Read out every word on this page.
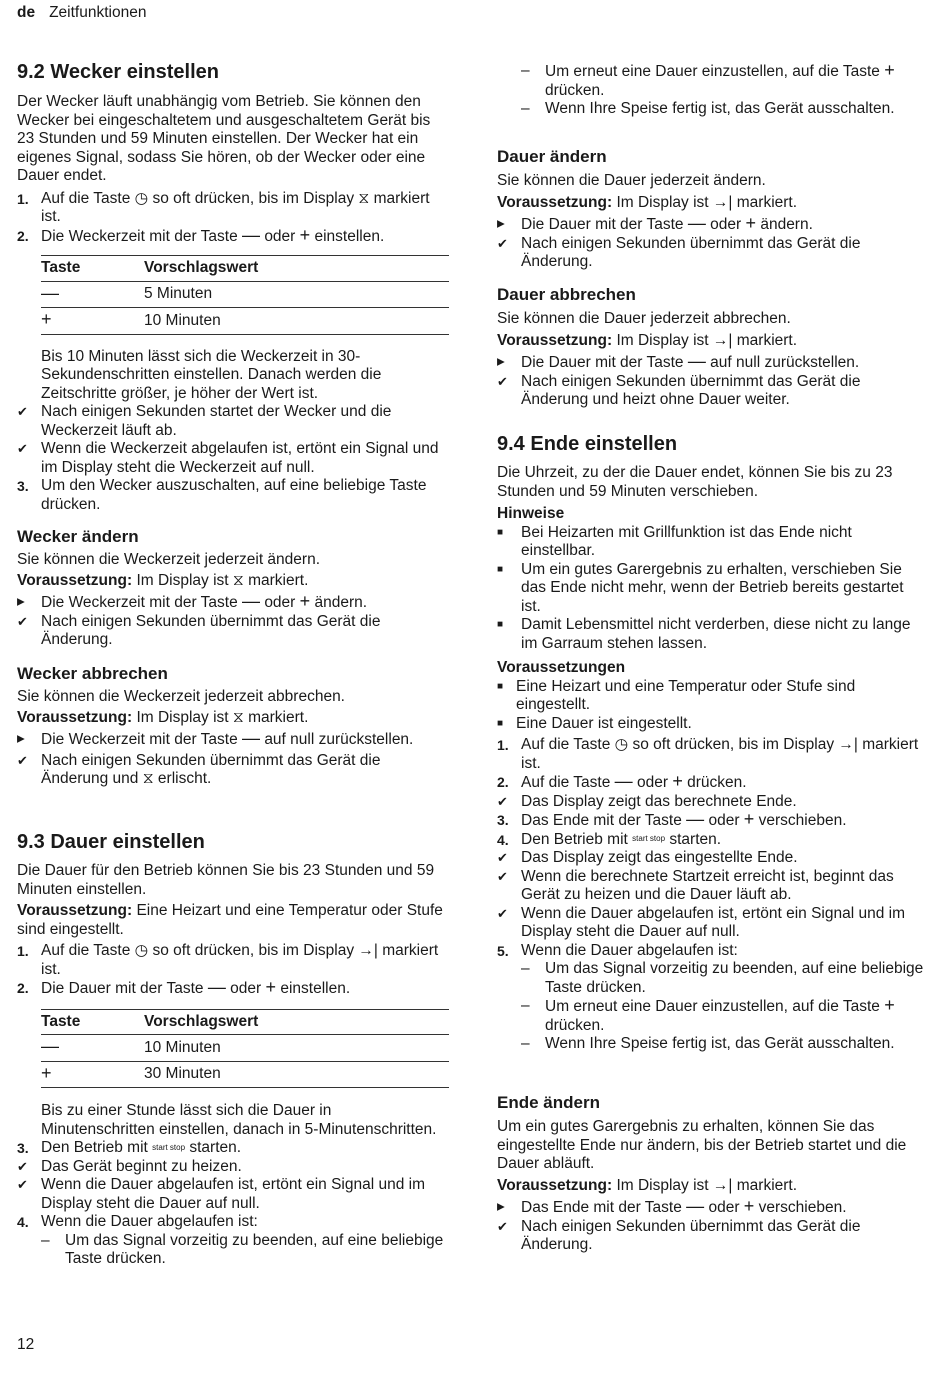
de Zeitfunktionen
9.2 Wecker einstellen

Der Wecker läuft unabhängig vom Betrieb. Sie können den Wecker bei eingeschaltetem und ausgeschaltetem Gerät bis 23 Stunden und 59 Minuten einstellen. Der Wecker hat ein eigenes Signal, sodass Sie hören, ob der Wecker oder eine Dauer endet.

1. Auf die Taste ◷ so oft drücken, bis im Display ⧖ markiert ist.
2. Die Weckerzeit mit der Taste — oder + einstellen.
Taste	Vorschlagswert
—	5 Minuten
+	10 Minuten

Bis 10 Minuten lässt sich die Weckerzeit in 30-Sekundenschritten einstellen. Danach werden die Zeitschritte größer, je höher der Wert ist.

✔ Nach einigen Sekunden startet der Wecker und die Weckerzeit läuft ab.
✔ Wenn die Weckerzeit abgelaufen ist, ertönt ein Signal und im Display steht die Weckerzeit auf null.
3. Um den Wecker auszuschalten, auf eine beliebige Taste drücken.
Wecker ändern

Sie können die Weckerzeit jederzeit ändern.

Voraussetzung: Im Display ist ⧖ markiert.

▸	Die Weckerzeit mit der Taste — oder + ändern.
✔ Nach einigen Sekunden übernimmt das Gerät die Änderung.
Wecker abbrechen

Sie können die Weckerzeit jederzeit abbrechen.

Voraussetzung: Im Display ist ⧖ markiert.

▸	Die Weckerzeit mit der Taste — auf null zurückstellen.
✔ Nach einigen Sekunden übernimmt das Gerät die Änderung und ⧖ erlischt.
9.3 Dauer einstellen

Die Dauer für den Betrieb können Sie bis 23 Stunden und 59 Minuten einstellen.

Voraussetzung: Eine Heizart und eine Temperatur oder Stufe sind eingestellt.

1. Auf die Taste ◷ so oft drücken, bis im Display →| markiert ist.
2. Die Dauer mit der Taste — oder + einstellen.
Taste	Vorschlagswert
—	10 Minuten
+	30 Minuten

Bis zu einer Stunde lässt sich die Dauer in Minutenschritten einstellen, danach in 5-Minutenschritten.

3. Den Betrieb mit start stop starten.
✔ Das Gerät beginnt zu heizen.
✔ Wenn die Dauer abgelaufen ist, ertönt ein Signal und im Display steht die Dauer auf null.
4. Wenn die Dauer abgelaufen ist:
– Um das Signal vorzeitig zu beenden, auf eine beliebige Taste drücken.
– Um erneut eine Dauer einzustellen, auf die Taste + drücken.
– Wenn Ihre Speise fertig ist, das Gerät ausschalten.
Dauer ändern

Sie können die Dauer jederzeit ändern.

Voraussetzung: Im Display ist →| markiert.

▸	Die Dauer mit der Taste — oder + ändern.
✔ Nach einigen Sekunden übernimmt das Gerät die Änderung.
Dauer abbrechen

Sie können die Dauer jederzeit abbrechen.

Voraussetzung: Im Display ist →| markiert.

▸	Die Dauer mit der Taste — auf null zurückstellen.
✔ Nach einigen Sekunden übernimmt das Gerät die Änderung und heizt ohne Dauer weiter.
9.4 Ende einstellen

Die Uhrzeit, zu der die Dauer endet, können Sie bis zu 23 Stunden und 59 Minuten verschieben.

Hinweise

■	Bei Heizarten mit Grillfunktion ist das Ende nicht einstellbar.
■	Um ein gutes Garergebnis zu erhalten, verschieben Sie das Ende nicht mehr, wenn der Betrieb bereits gestartet ist.
■	Damit Lebensmittel nicht verderben, diese nicht zu lange im Garraum stehen lassen.

Voraussetzungen

■ Eine Heizart und eine Temperatur oder Stufe sind eingestellt.
■ Eine Dauer ist eingestellt.
1. Auf die Taste ◷ so oft drücken, bis im Display →| markiert ist.
2. Auf die Taste — oder + drücken.
✔ Das Display zeigt das berechnete Ende.
3. Das Ende mit der Taste — oder + verschieben.
4. Den Betrieb mit start stop starten.
✔ Das Display zeigt das eingestellte Ende.
✔ Wenn die berechnete Startzeit erreicht ist, beginnt das Gerät zu heizen und die Dauer läuft ab.
✔ Wenn die Dauer abgelaufen ist, ertönt ein Signal und im Display steht die Dauer auf null.
5. Wenn die Dauer abgelaufen ist:
– Um das Signal vorzeitig zu beenden, auf eine beliebige Taste drücken.
– Um erneut eine Dauer einzustellen, auf die Taste + drücken.
– Wenn Ihre Speise fertig ist, das Gerät ausschalten.
Ende ändern

Um ein gutes Garergebnis zu erhalten, können Sie das eingestellte Ende nur ändern, bis der Betrieb startet und die Dauer abläuft.

Voraussetzung: Im Display ist →| markiert.

▸	Das Ende mit der Taste — oder + verschieben.
✔ Nach einigen Sekunden übernimmt das Gerät die Änderung.
12
